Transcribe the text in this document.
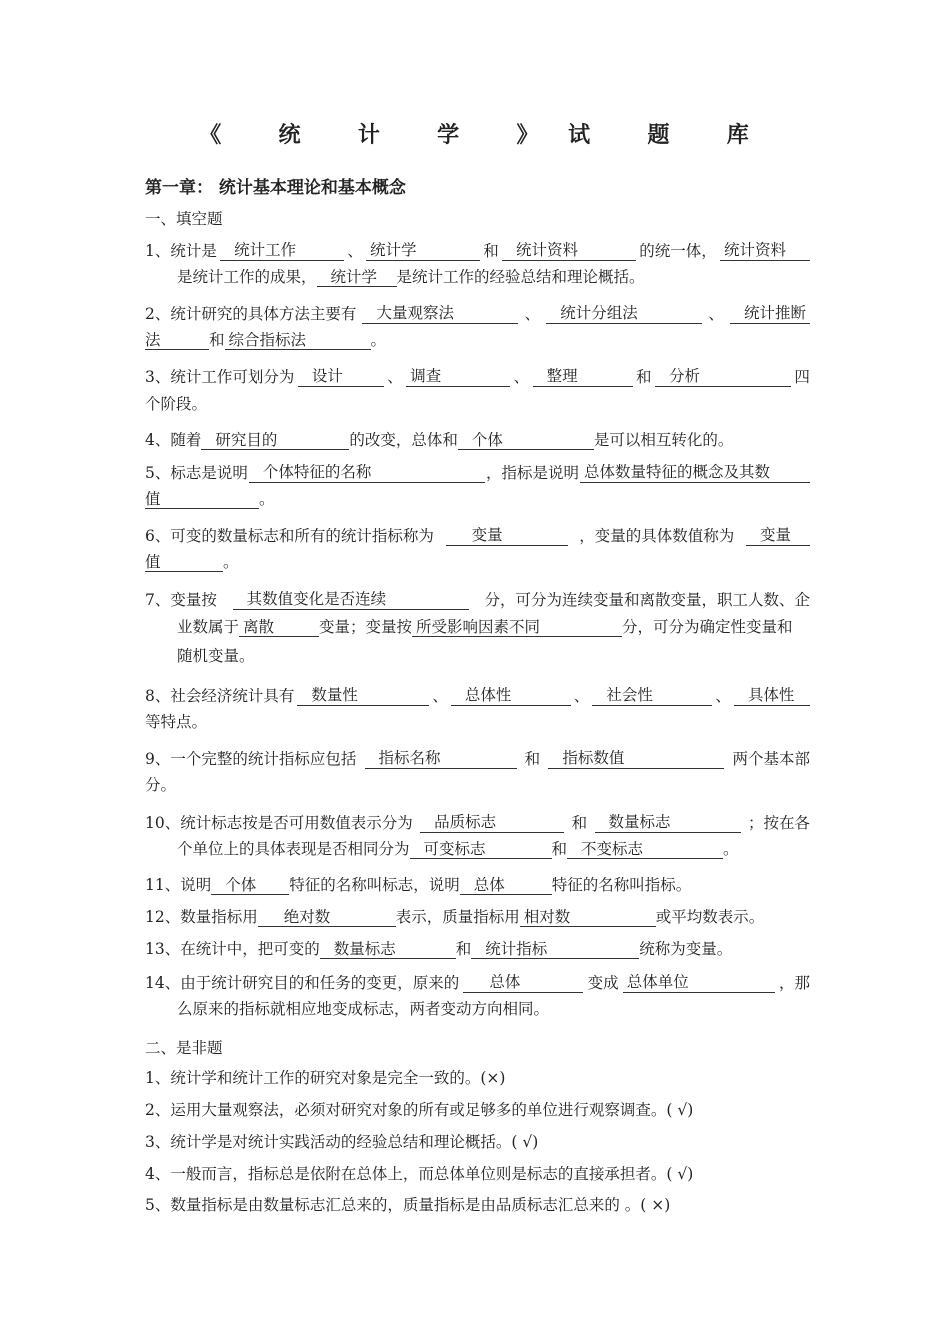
《  统  计  学  》 试  题  库
第一章： 统计基本理论和基本概念
一、填空题
1、统计是	统计工作	、 统计学	和	统计资料	的统一体， 统计资料
是统计工作的成果， 统计学 是统计工作的经验总结和理论概括。
2、统计研究的具体方法主要有	大量观察法	、	统计分组法	、	统计推断
法	和 综合指标法	。
3、统计工作可划分为	设计	、 调查	、	整理	和	分析	四
个阶段。
4、随着 研究目的	的改变，总体和 个体	是可以相互转化的。
5、标志是说明 个体特征的名称	，指标是说明 总体数量特征的概念及其数
值	。
6、可变的数量标志和所有的统计指标称为	变量	，变量的具体数值称为	变量
值	。
7、变量按	其数值变化是否连续	分，可分为连续变量和离散变量，职工人数、企
业数属于 离散	变量；变量按 所受影响因素不同	分，可分为确定性变量和
随机变量。
8、社会经济统计具有	数量性	、	总体性	、	社会性	、	具体性
等特点。
9、一个完整的统计指标应包括	指标名称	和	指标数值	两个基本部
分。
10、统计标志按是否可用数值表示分为	品质标志	和	数量标志	；按在各
个单位上的具体表现是否相同分为 可变标志	和 不变标志	。
11、说明 个体 特征的名称叫标志，说明 总体	特征的名称叫指标。
12、数量指标用 绝对数	表示，质量指标用 相对数	或平均数表示。
13、在统计中，把可变的 数量标志	和 统计指标	统称为变量。
14、由于统计研究目的和任务的变更，原来的	总体	变成 总体单位	，那
么原来的指标就相应地变成标志，两者变动方向相同。
二、是非题
1、统计学和统计工作的研究对象是完全一致的。(×)
2、运用大量观察法，必须对研究对象的所有或足够多的单位进行观察调查。( √)
3、统计学是对统计实践活动的经验总结和理论概括。( √)
4、一般而言，指标总是依附在总体上，而总体单位则是标志的直接承担者。( √)
5、数量指标是由数量标志汇总来的，质量指标是由品质标志汇总来的 。( ×)
